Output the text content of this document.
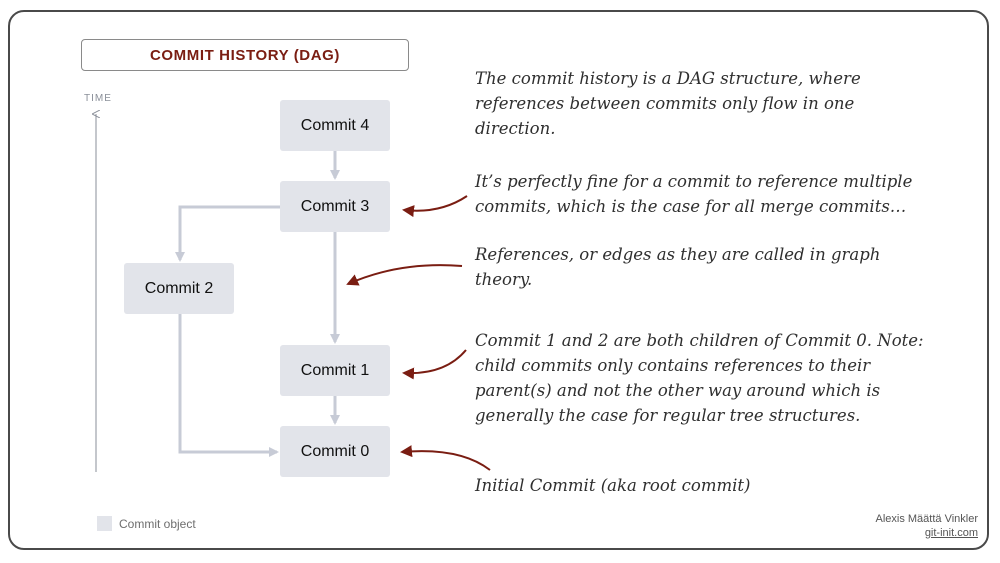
COMMIT HISTORY (DAG)
TIME
Commit 4
Commit 3
Commit 2
Commit 1
Commit 0
The commit history is a DAG structure, where
references between commits only flow in one
direction.
It’s perfectly fine for a commit to reference multiple
commits, which is the case for all merge commits…
References, or edges as they are called in graph
theory.
Commit 1 and 2 are both children of Commit 0. Note:
child commits only contains references to their
parent(s) and not the other way around which is
generally the case for regular tree structures.
Initial Commit (aka root commit)
Commit object	Alexis Määttä Vinkler
git-init.com
